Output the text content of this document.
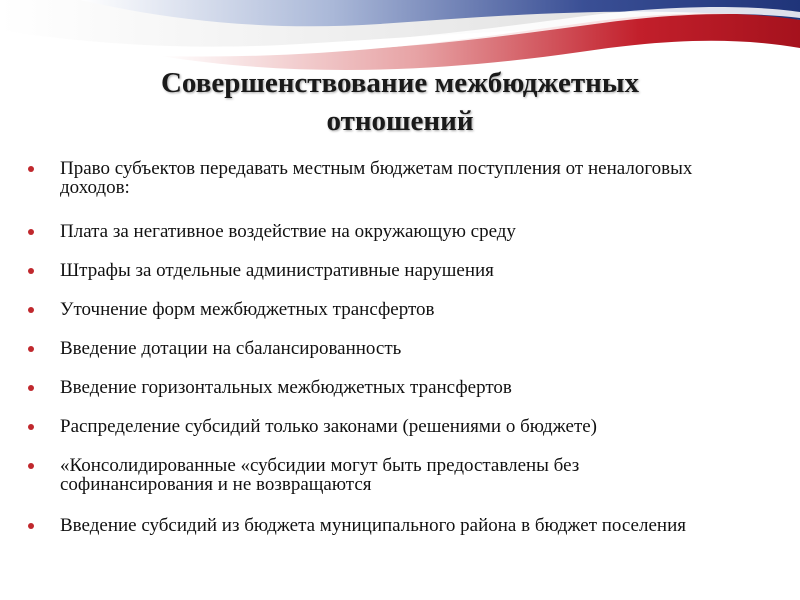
Совершенствование межбюджетных
отношений
Право субъектов передавать местным бюджетам поступления от неналоговых доходов:
Плата за негативное воздействие на окружающую среду
Штрафы за отдельные административные нарушения
Уточнение форм межбюджетных трансфертов
Введение дотации на сбалансированность
Введение горизонтальных межбюджетных трансфертов
Распределение субсидий только законами (решениями о бюджете)
«Консолидированные «субсидии могут быть предоставлены без софинансирования и не возвращаются
Введение субсидий из бюджета муниципального района в бюджет поселения
